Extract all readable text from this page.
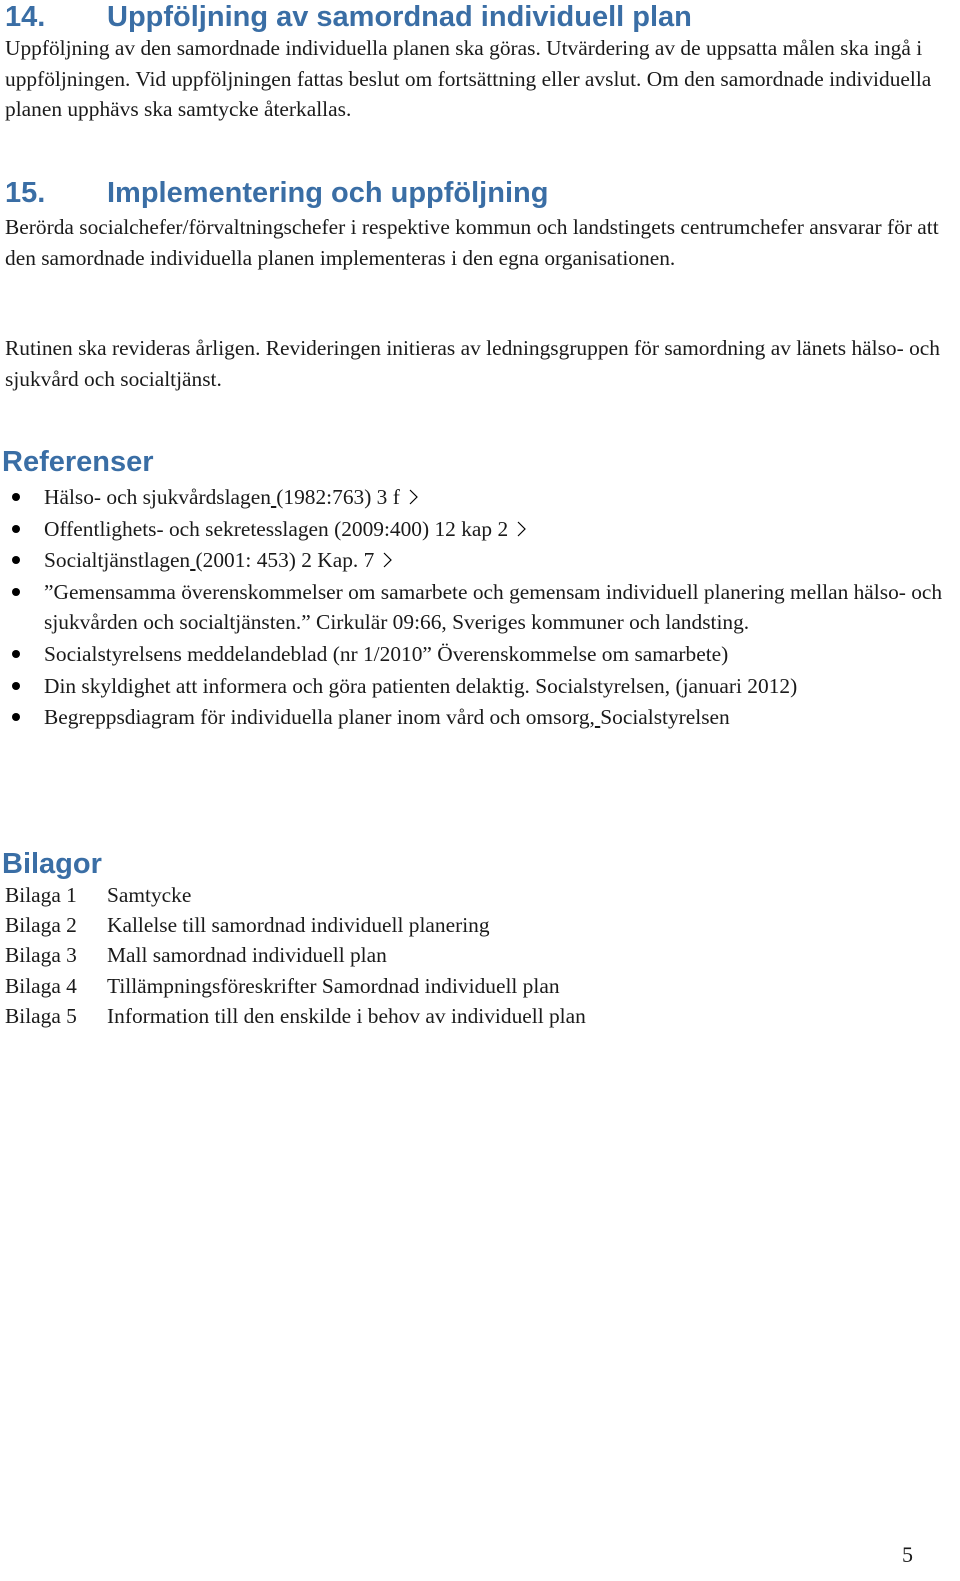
14. Uppföljning av samordnad individuell plan
Uppföljning av den samordnade individuella planen ska göras. Utvärdering av de uppsatta målen ska ingå i uppföljningen. Vid uppföljningen fattas beslut om fortsättning eller avslut. Om den samordnade individuella planen upphävs ska samtycke återkallas.
15. Implementering och uppföljning
Berörda socialchefer/förvaltningschefer i respektive kommun och landstingets centrumchefer ansvarar för att den samordnade individuella planen implementeras i den egna organisationen.
Rutinen ska revideras årligen. Revideringen initieras av ledningsgruppen för samordning av länets hälso- och sjukvård och socialtjänst.
Referenser
Hälso- och sjukvårdslagen (1982:763) 3 f
Offentlighets- och sekretesslagen (2009:400) 12 kap 2
Socialtjänstlagen (2001: 453) 2 Kap. 7
”Gemensamma överenskommelser om samarbete och gemensam individuell planering mellan hälso- och sjukvården och socialtjänsten.” Cirkulär 09:66, Sveriges kommuner och landsting.
Socialstyrelsens meddelandeblad (nr 1/2010” Överenskommelse om samarbete)
Din skyldighet att informera och göra patienten delaktig. Socialstyrelsen, (januari 2012)
Begreppsdiagram för individuella planer inom vård och omsorg, Socialstyrelsen
Bilagor
Bilaga 1 Samtycke
Bilaga 2 Kallelse till samordnad individuell planering
Bilaga 3 Mall samordnad individuell plan
Bilaga 4 Tillämpningsföreskrifter Samordnad individuell plan
Bilaga 5 Information till den enskilde i behov av individuell plan
5
